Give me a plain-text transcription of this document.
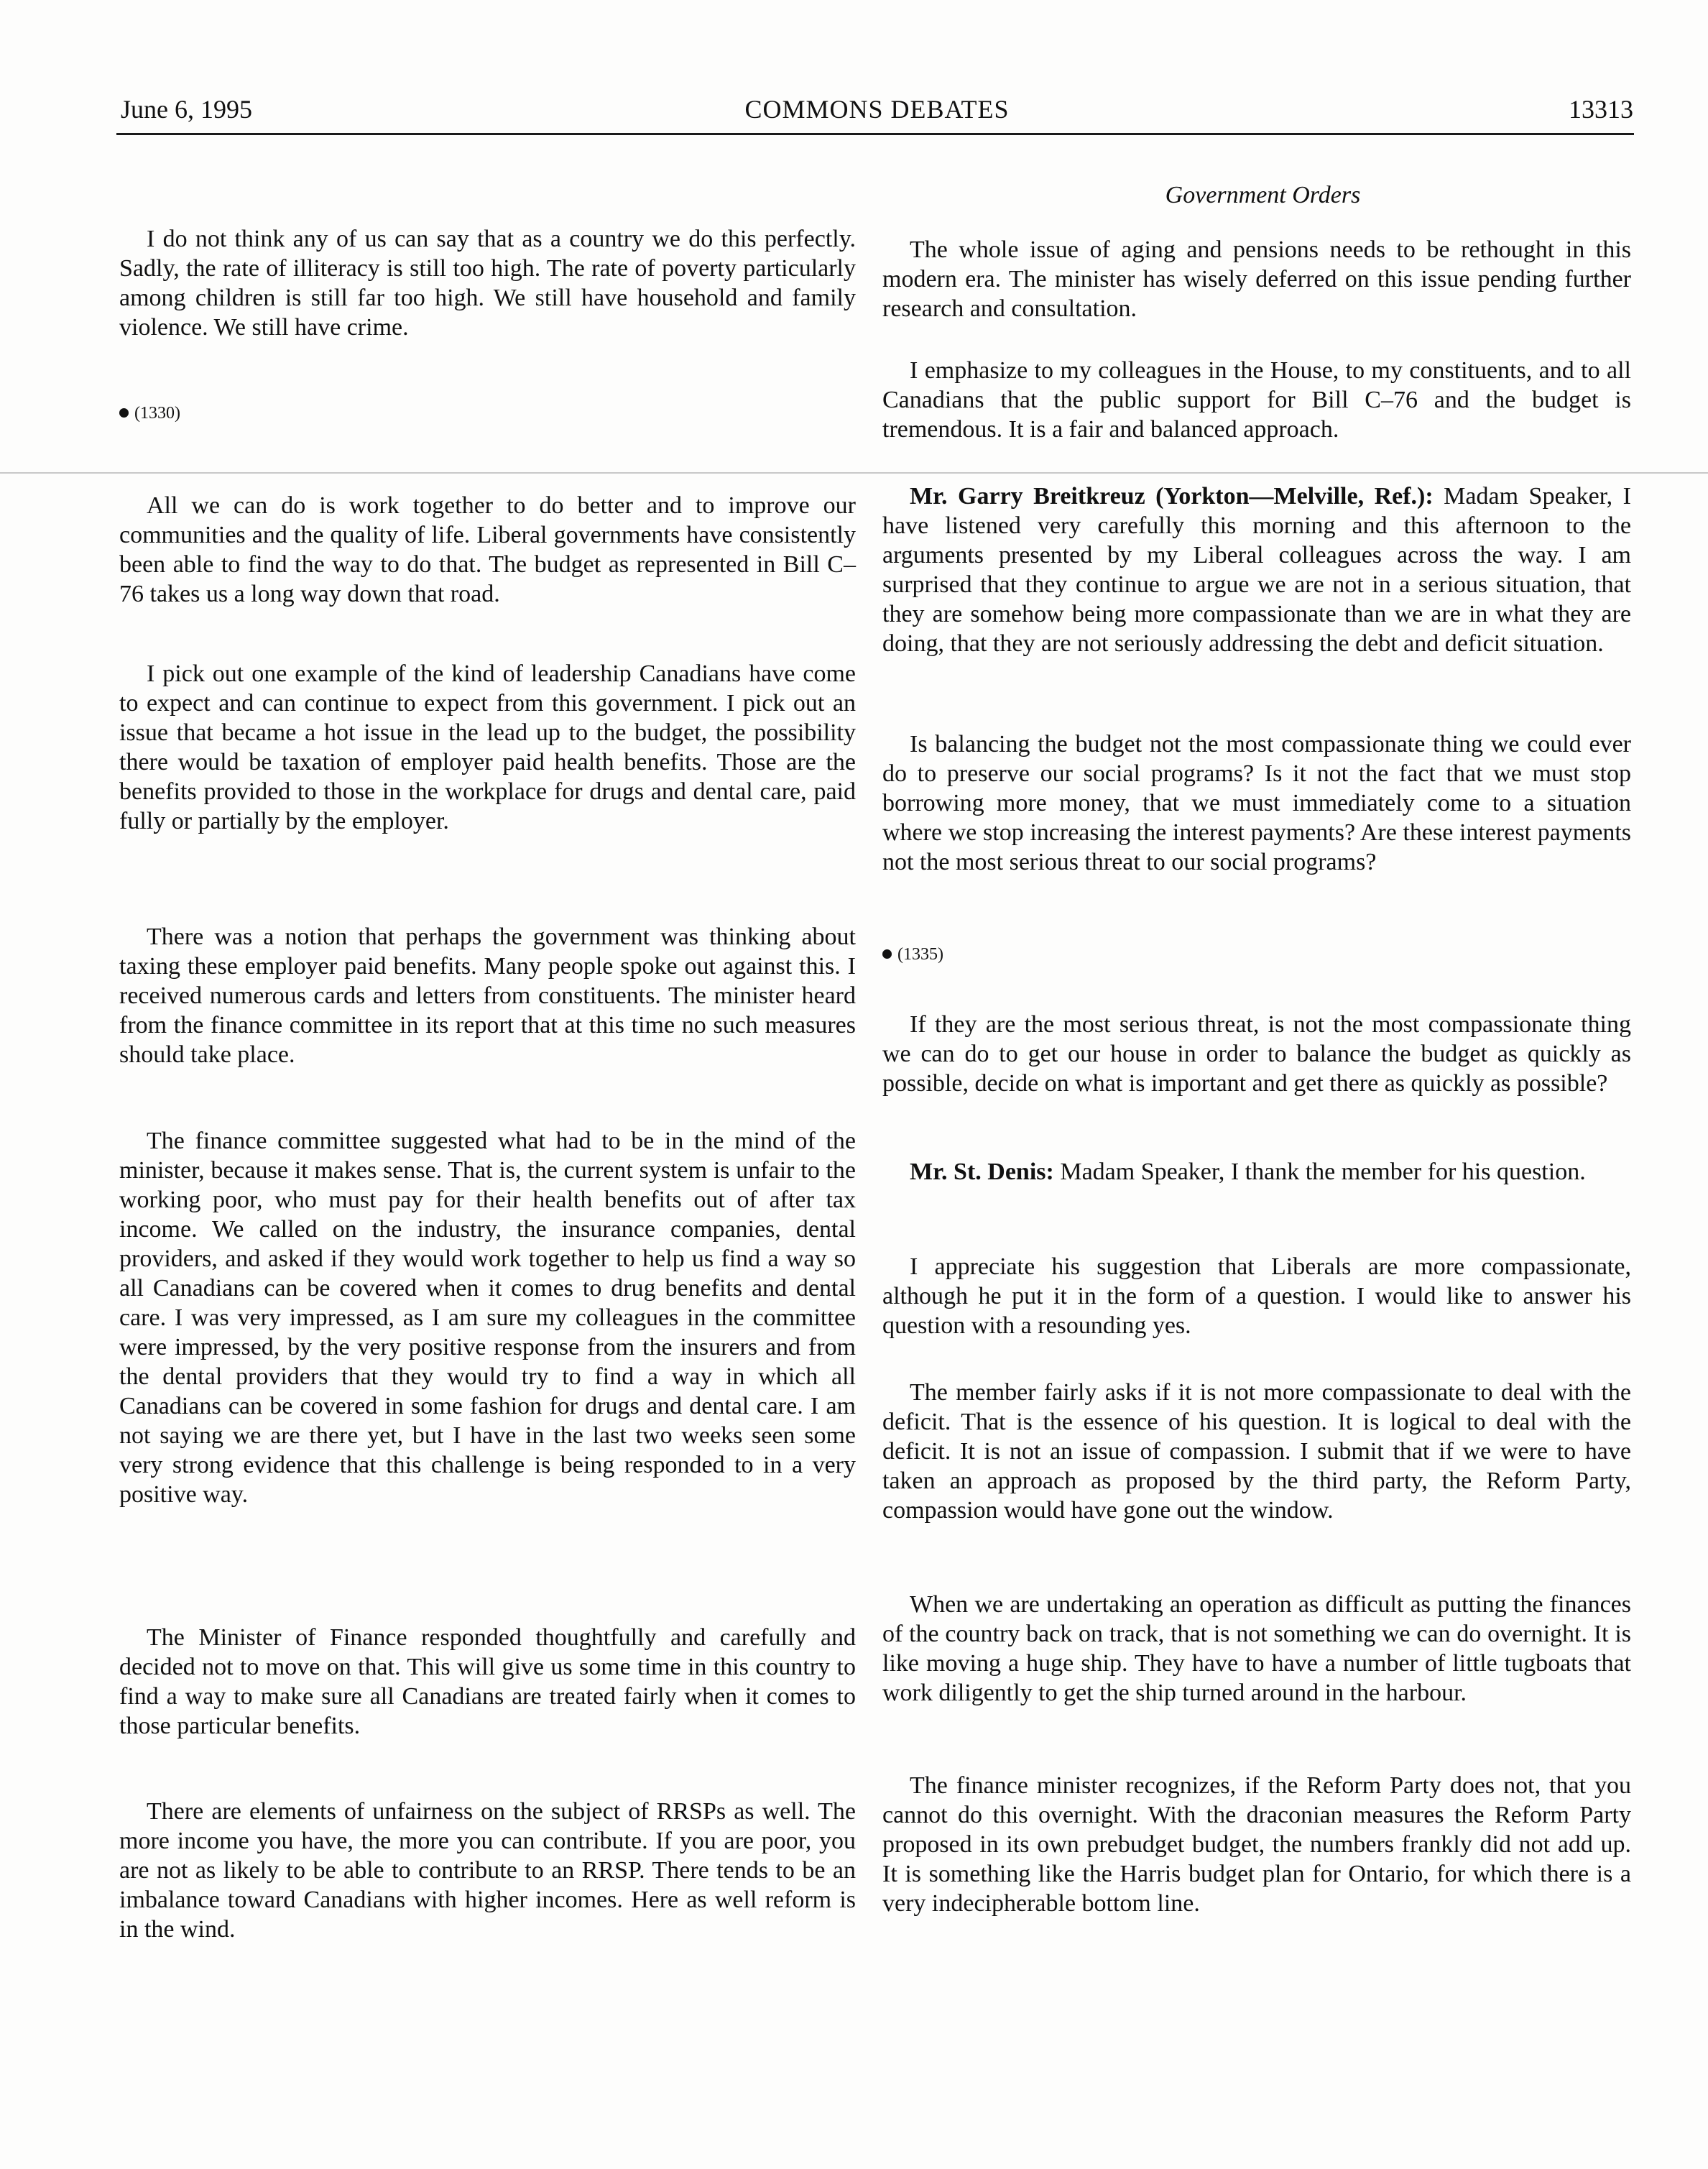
June 6, 1995	COMMONS DEBATES	13313
Government Orders

I do not think any of us can say that as a country we do this perfectly. Sadly, the rate of illiteracy is still too high. The rate of poverty particularly among children is still far too high. We still have household and family violence. We still have crime.

(1330)

All we can do is work together to do better and to improve our communities and the quality of life. Liberal governments have consistently been able to find the way to do that. The budget as represented in Bill C–76 takes us a long way down that road.

I pick out one example of the kind of leadership Canadians have come to expect and can continue to expect from this government. I pick out an issue that became a hot issue in the lead up to the budget, the possibility there would be taxation of employer paid health benefits. Those are the benefits provided to those in the workplace for drugs and dental care, paid fully or partially by the employer.

There was a notion that perhaps the government was thinking about taxing these employer paid benefits. Many people spoke out against this. I received numerous cards and letters from constituents. The minister heard from the finance committee in its report that at this time no such measures should take place.

The finance committee suggested what had to be in the mind of the minister, because it makes sense. That is, the current system is unfair to the working poor, who must pay for their health benefits out of after tax income. We called on the industry, the insurance companies, dental providers, and asked if they would work together to help us find a way so all Canadians can be covered when it comes to drug benefits and dental care. I was very impressed, as I am sure my colleagues in the committee were impressed, by the very positive response from the insurers and from the dental providers that they would try to find a way in which all Canadians can be covered in some fashion for drugs and dental care. I am not saying we are there yet, but I have in the last two weeks seen some very strong evidence that this challenge is being responded to in a very positive way.

The Minister of Finance responded thoughtfully and carefully and decided not to move on that. This will give us some time in this country to find a way to make sure all Canadians are treated fairly when it comes to those particular benefits.

There are elements of unfairness on the subject of RRSPs as well. The more income you have, the more you can contribute. If you are poor, you are not as likely to be able to contribute to an RRSP. There tends to be an imbalance toward Canadians with higher incomes. Here as well reform is in the wind.

The whole issue of aging and pensions needs to be rethought in this modern era. The minister has wisely deferred on this issue pending further research and consultation.

I emphasize to my colleagues in the House, to my constituents, and to all Canadians that the public support for Bill C–76 and the budget is tremendous. It is a fair and balanced approach.

Mr. Garry Breitkreuz (Yorkton—Melville, Ref.): Madam Speaker, I have listened very carefully this morning and this afternoon to the arguments presented by my Liberal colleagues across the way. I am surprised that they continue to argue we are not in a serious situation, that they are somehow being more compassionate than we are in what they are doing, that they are not seriously addressing the debt and deficit situation.

Is balancing the budget not the most compassionate thing we could ever do to preserve our social programs? Is it not the fact that we must stop borrowing more money, that we must immediately come to a situation where we stop increasing the interest payments? Are these interest payments not the most serious threat to our social programs?

(1335)

If they are the most serious threat, is not the most compassionate thing we can do to get our house in order to balance the budget as quickly as possible, decide on what is important and get there as quickly as possible?

Mr. St. Denis: Madam Speaker, I thank the member for his question.

I appreciate his suggestion that Liberals are more compassionate, although he put it in the form of a question. I would like to answer his question with a resounding yes.

The member fairly asks if it is not more compassionate to deal with the deficit. That is the essence of his question. It is logical to deal with the deficit. It is not an issue of compassion. I submit that if we were to have taken an approach as proposed by the third party, the Reform Party, compassion would have gone out the window.

When we are undertaking an operation as difficult as putting the finances of the country back on track, that is not something we can do overnight. It is like moving a huge ship. They have to have a number of little tugboats that work diligently to get the ship turned around in the harbour.

The finance minister recognizes, if the Reform Party does not, that you cannot do this overnight. With the draconian measures the Reform Party proposed in its own prebudget budget, the numbers frankly did not add up. It is something like the Harris budget plan for Ontario, for which there is a very indecipherable bottom line.
